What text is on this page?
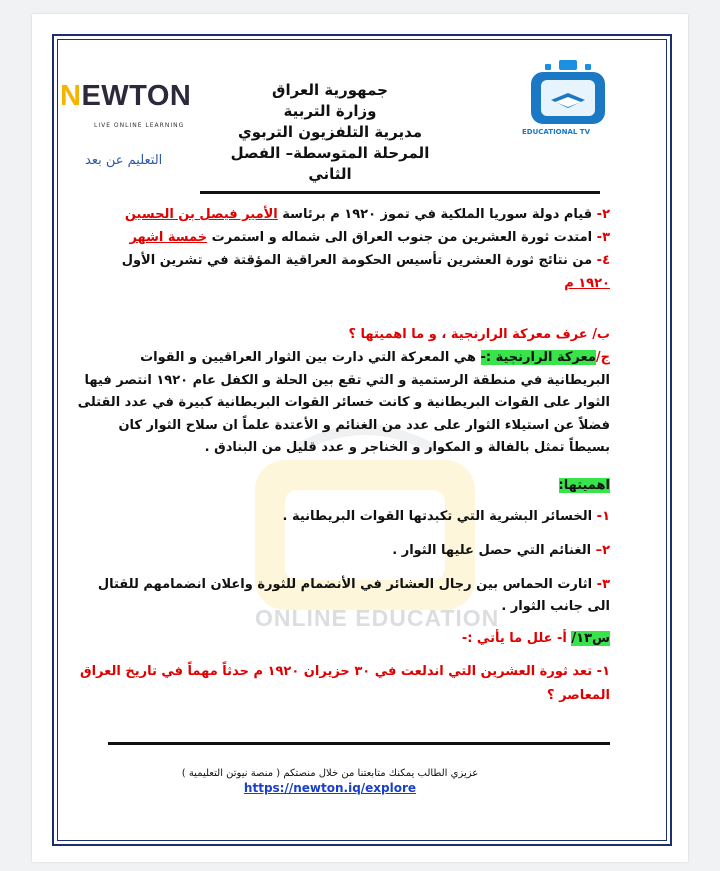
NEWTON
LIVE ONLINE LEARNING
EDUCATIONAL TV
جمهورية العراق
وزارة التربية
مديرية التلفزيون التربوي
المرحلة المتوسطة– الفصل الثاني
التعليم عن بعد
ONLINE EDUCATION

٢- قيام دولة سوريا الملكية في تموز ١٩٢٠ م برئاسة الأمير فيصل بن الحسين

٣- امتدت ثورة العشرين من جنوب العراق الى شماله و استمرت خمسة اشهر

٤- من نتائج ثورة العشرين تأسيس الحكومة العراقية المؤقتة في تشرين الأول

١٩٢٠ م

ب/ عرف معركة الرارنجية ، و ما اهميتها ؟

ج/معركة الرارنجية :- هي المعركة التي دارت بين الثوار العراقيين و القوات البريطانية في منطقة الرستمية و التي تقع بين الحلة و الكفل عام ١٩٢٠ انتصر فيها الثوار على القوات البريطانية و كانت خسائر القوات البريطانية كبيرة في عدد القتلى فضلاً عن استيلاء الثوار على عدد من الغنائم و الأعتدة علماً ان سلاح الثوار كان بسيطاً تمثل بالفالة و المكوار و الخناجر و عدد قليل من البنادق .

اهميتها:

١- الخسائر البشرية التي تكبدتها القوات البريطانية .

٢– الغنائم التي حصل عليها الثوار .

٣- اثارت الحماس بين رجال العشائر في الأنضمام للثورة واعلان انضمامهم للقتال الى جانب الثوار .

س١٣/ أ- علل ما يأتي :-

١- تعد ثورة العشرين التي اندلعت في ٣٠ حزيران ١٩٢٠ م حدثاً مهماً في تاريخ العراق المعاصر ؟

عزيزي الطالب يمكنك متابعتنا من خلال منصتكم ( منصة نيوتن التعليمية )
https://newton.iq/explore
